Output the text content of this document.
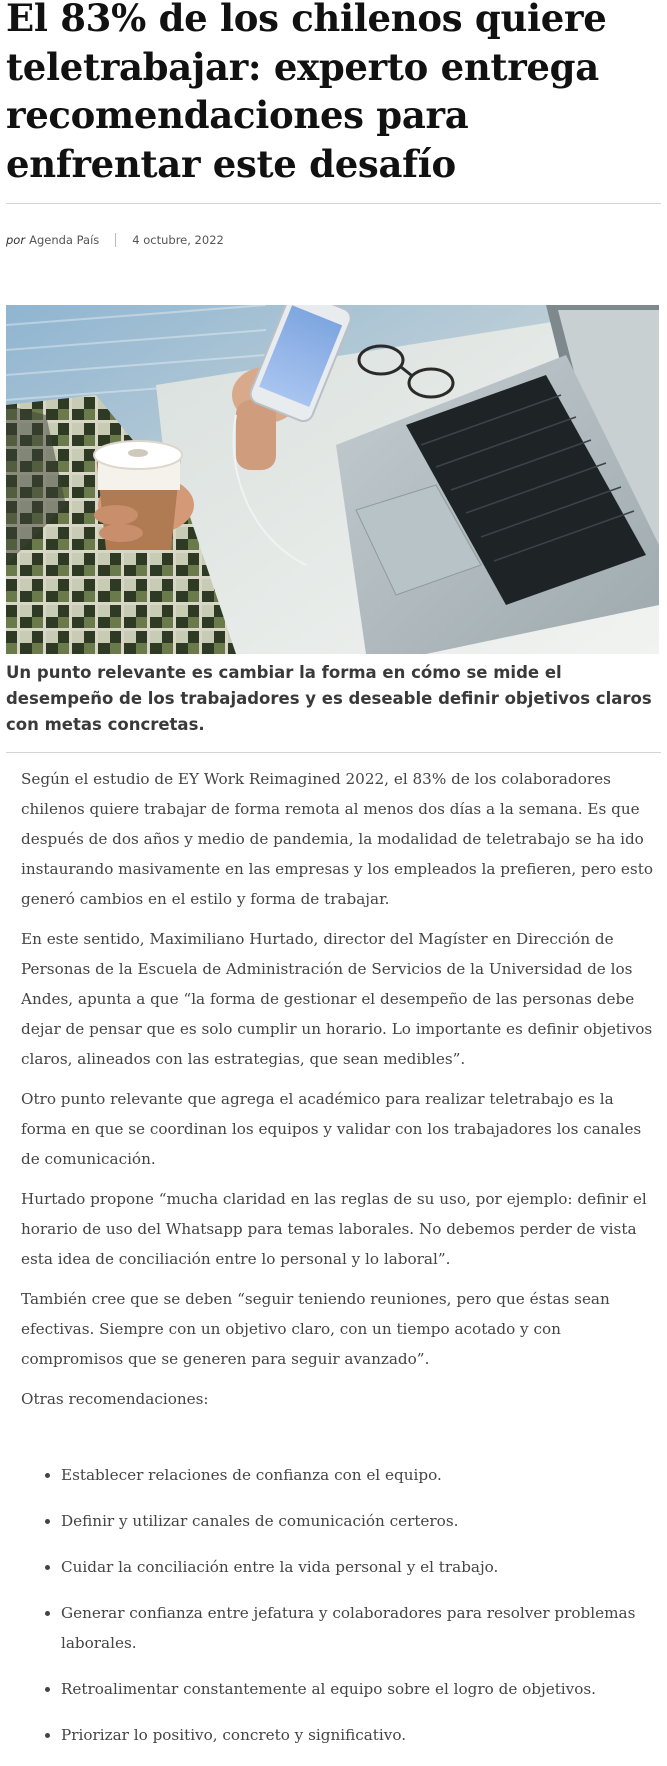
El 83% de los chilenos quiere teletrabajar: experto entrega recomendaciones para enfrentar este desafío
por Agenda País	4 octubre, 2022

Un punto relevante es cambiar la forma en cómo se mide el desempeño de los trabajadores y es deseable definir objetivos claros con metas concretas.

Según el estudio de EY Work Reimagined 2022, el 83% de los colaboradores chilenos quiere trabajar de forma remota al menos dos días a la semana. Es que después de dos años y medio de pandemia, la modalidad de teletrabajo se ha ido instaurando masivamente en las empresas y los empleados la prefieren, pero esto generó cambios en el estilo y forma de trabajar.

En este sentido, Maximiliano Hurtado, director del Magíster en Dirección de Personas de la Escuela de Administración de Servicios de la Universidad de los Andes, apunta a que “la forma de gestionar el desempeño de las personas debe dejar de pensar que es solo cumplir un horario. Lo importante es definir objetivos claros, alineados con las estrategias, que sean medibles”.

Otro punto relevante que agrega el académico para realizar teletrabajo es la forma en que se coordinan los equipos y validar con los trabajadores los canales de comunicación.

Hurtado propone “mucha claridad en las reglas de su uso, por ejemplo: definir el horario de uso del Whatsapp para temas laborales. No debemos perder de vista esta idea de conciliación entre lo personal y lo laboral”.

También cree que se deben “seguir teniendo reuniones, pero que éstas sean efectivas. Siempre con un objetivo claro, con un tiempo acotado y con compromisos que se generen para seguir avanzado”.

Otras recomendaciones:

• Establecer relaciones de confianza con el equipo.
• Definir y utilizar canales de comunicación certeros.
• Cuidar la conciliación entre la vida personal y el trabajo.
• Generar confianza entre jefatura y colaboradores para resolver problemas laborales.
• Retroalimentar constantemente al equipo sobre el logro de objetivos.
• Priorizar lo positivo, concreto y significativo.
